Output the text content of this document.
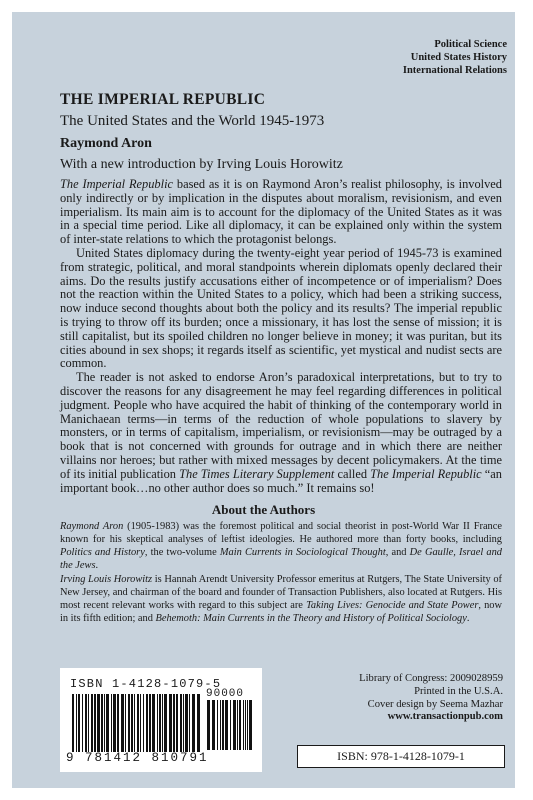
Political Science
United States History
International Relations
THE IMPERIAL REPUBLIC
The United States and the World 1945-1973
Raymond Aron
With a new introduction by Irving Louis Horowitz

The Imperial Republic based as it is on Raymond Aron’s realist philosophy, is involved only indirectly or by implication in the disputes about moralism, revisionism, and even imperialism. Its main aim is to account for the diplomacy of the United States as it was in a special time period. Like all diplomacy, it can be explained only within the system of inter-state relations to which the protagonist belongs.

United States diplomacy during the twenty-eight year period of 1945-73 is examined from strategic, political, and moral standpoints wherein diplomats openly declared their aims. Do the results justify accusations either of incompetence or of imperialism? Does not the reaction within the United States to a policy, which had been a striking success, now induce second thoughts about both the policy and its results? The imperial republic is trying to throw off its burden; once a missionary, it has lost the sense of mission; it is still capitalist, but its spoiled children no longer believe in money; it was puritan, but its cities abound in sex shops; it regards itself as scientific, yet mystical and nudist sects are common.

The reader is not asked to endorse Aron’s paradoxical interpretations, but to try to discover the reasons for any disagreement he may feel regarding differences in political judgment. People who have acquired the habit of thinking of the contemporary world in Manichaean terms—in terms of the reduction of whole populations to slavery by monsters, or in terms of capitalism, imperialism, or revisionism—may be outraged by a book that is not concerned with grounds for outrage and in which there are neither villains nor heroes; but rather with mixed messages by decent policymakers. At the time of its initial publication The Times Literary Supplement called The Imperial Republic “an important book…no other author does so much.” It remains so!

About the Authors
Raymond Aron (1905-1983) was the foremost political and social theorist in post-World War II France known for his skeptical analyses of leftist ideologies. He authored more than forty books, including Politics and History, the two-volume Main Currents in Sociological Thought, and De Gaulle, Israel and the Jews.
Irving Louis Horowitz is Hannah Arendt University Professor emeritus at Rutgers, The State University of New Jersey, and chairman of the board and founder of Transaction Publishers, also located at Rutgers. His most recent relevant works with regard to this subject are Taking Lives: Genocide and State Power, now in its fifth edition; and Behemoth: Main Currents in the Theory and History of Political Sociology.
ISBN 1-4128-1079-5
90000
9 781412 810791
Library of Congress: 2009028959
Printed in the U.S.A.
Cover design by Seema Mazhar
www.transactionpub.com
ISBN: 978-1-4128-1079-1
